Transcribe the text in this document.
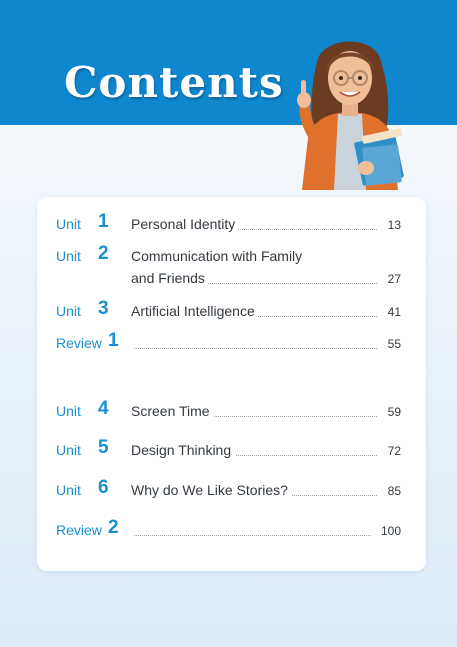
Contents
Unit 1 Personal Identity	13
Unit 2 Communication with Family
and Friends	27
Unit 3 Artificial Intelligence	41
Review 1	55
Unit 4 Screen Time	59
Unit 5 Design Thinking	72
Unit 6 Why do We Like Stories?	85
Review 2	100
